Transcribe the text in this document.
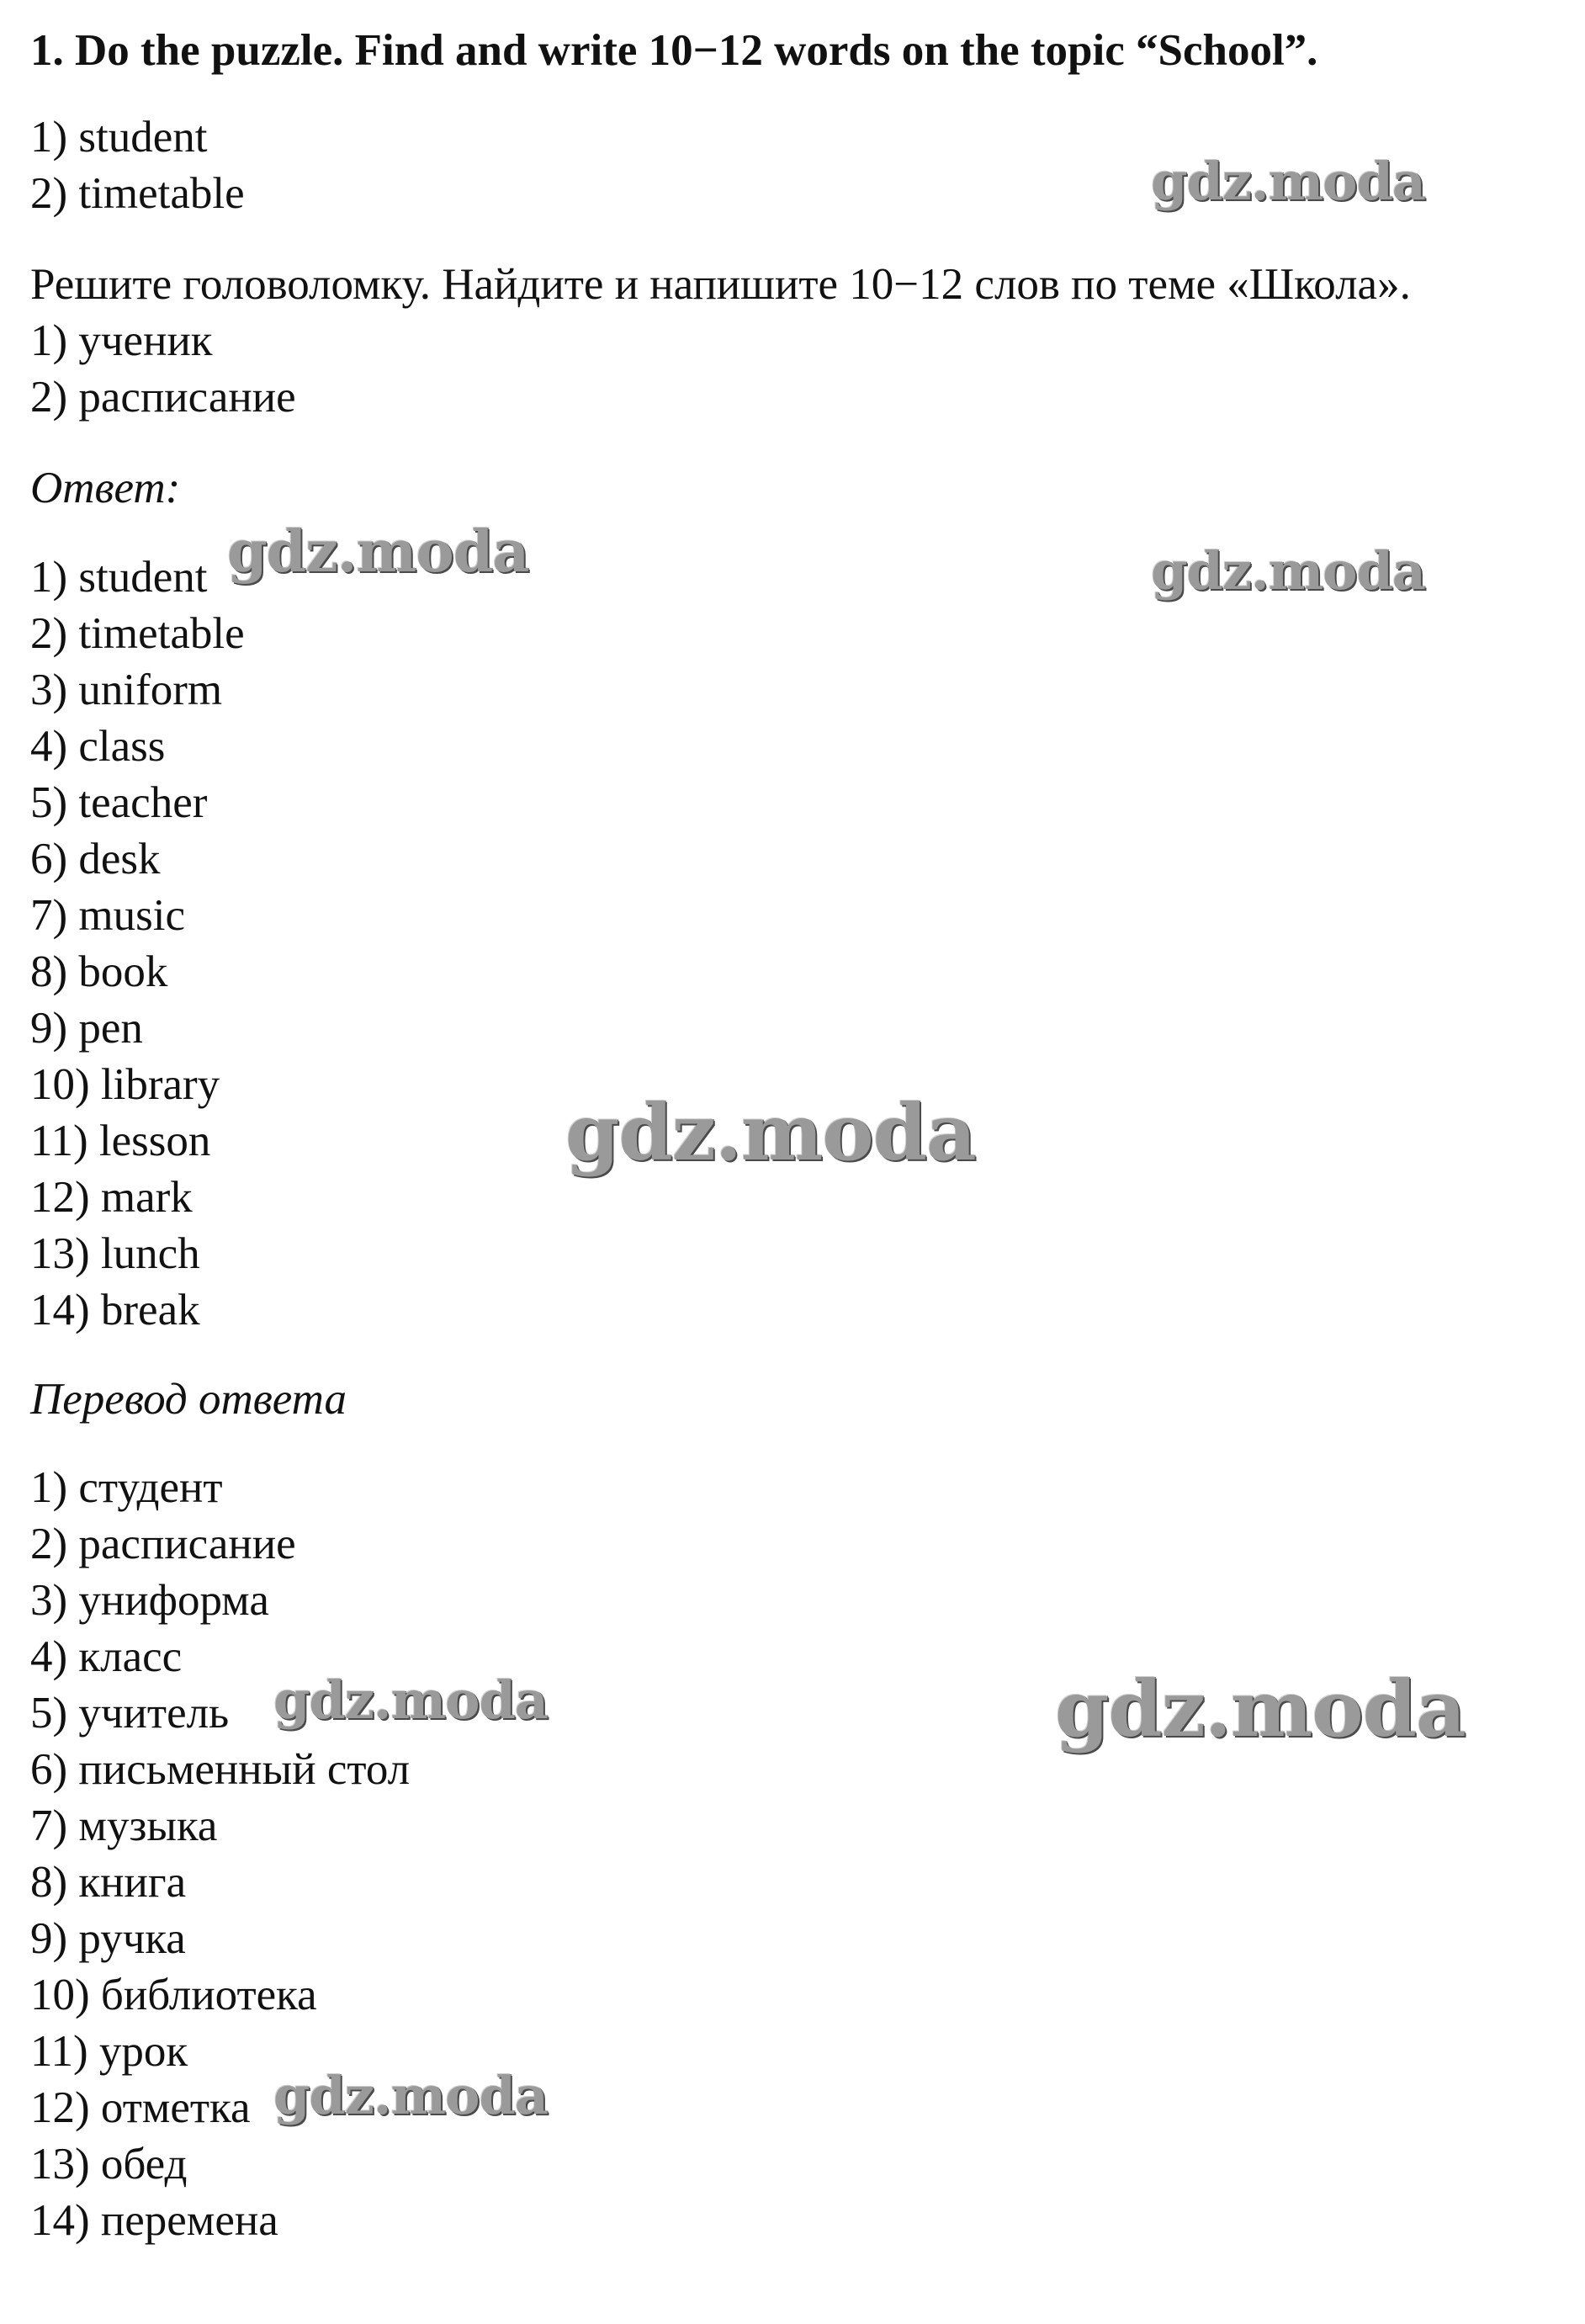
1. Do the puzzle. Find and write 10−12 words on the topic “School”.
1) student
2) timetable
Решите головоломку. Найдите и напишите 10−12 слов по теме «Школа».
1) ученик
2) расписание
Ответ:
1) student
2) timetable
3) uniform
4) class
5) teacher
6) desk
7) music
8) book
9) pen
10) library
11) lesson
12) mark
13) lunch
14) break
Перевод ответа
1) студент
2) расписание
3) униформа
4) класс
5) учитель
6) письменный стол
7) музыка
8) книга
9) ручка
10) библиотека
11) урок
12) отметка
13) обед
14) перемена
gdz.moda
gdz.moda	gdz.moda
gdz.moda
gdz.moda	gdz.moda
gdz.moda
